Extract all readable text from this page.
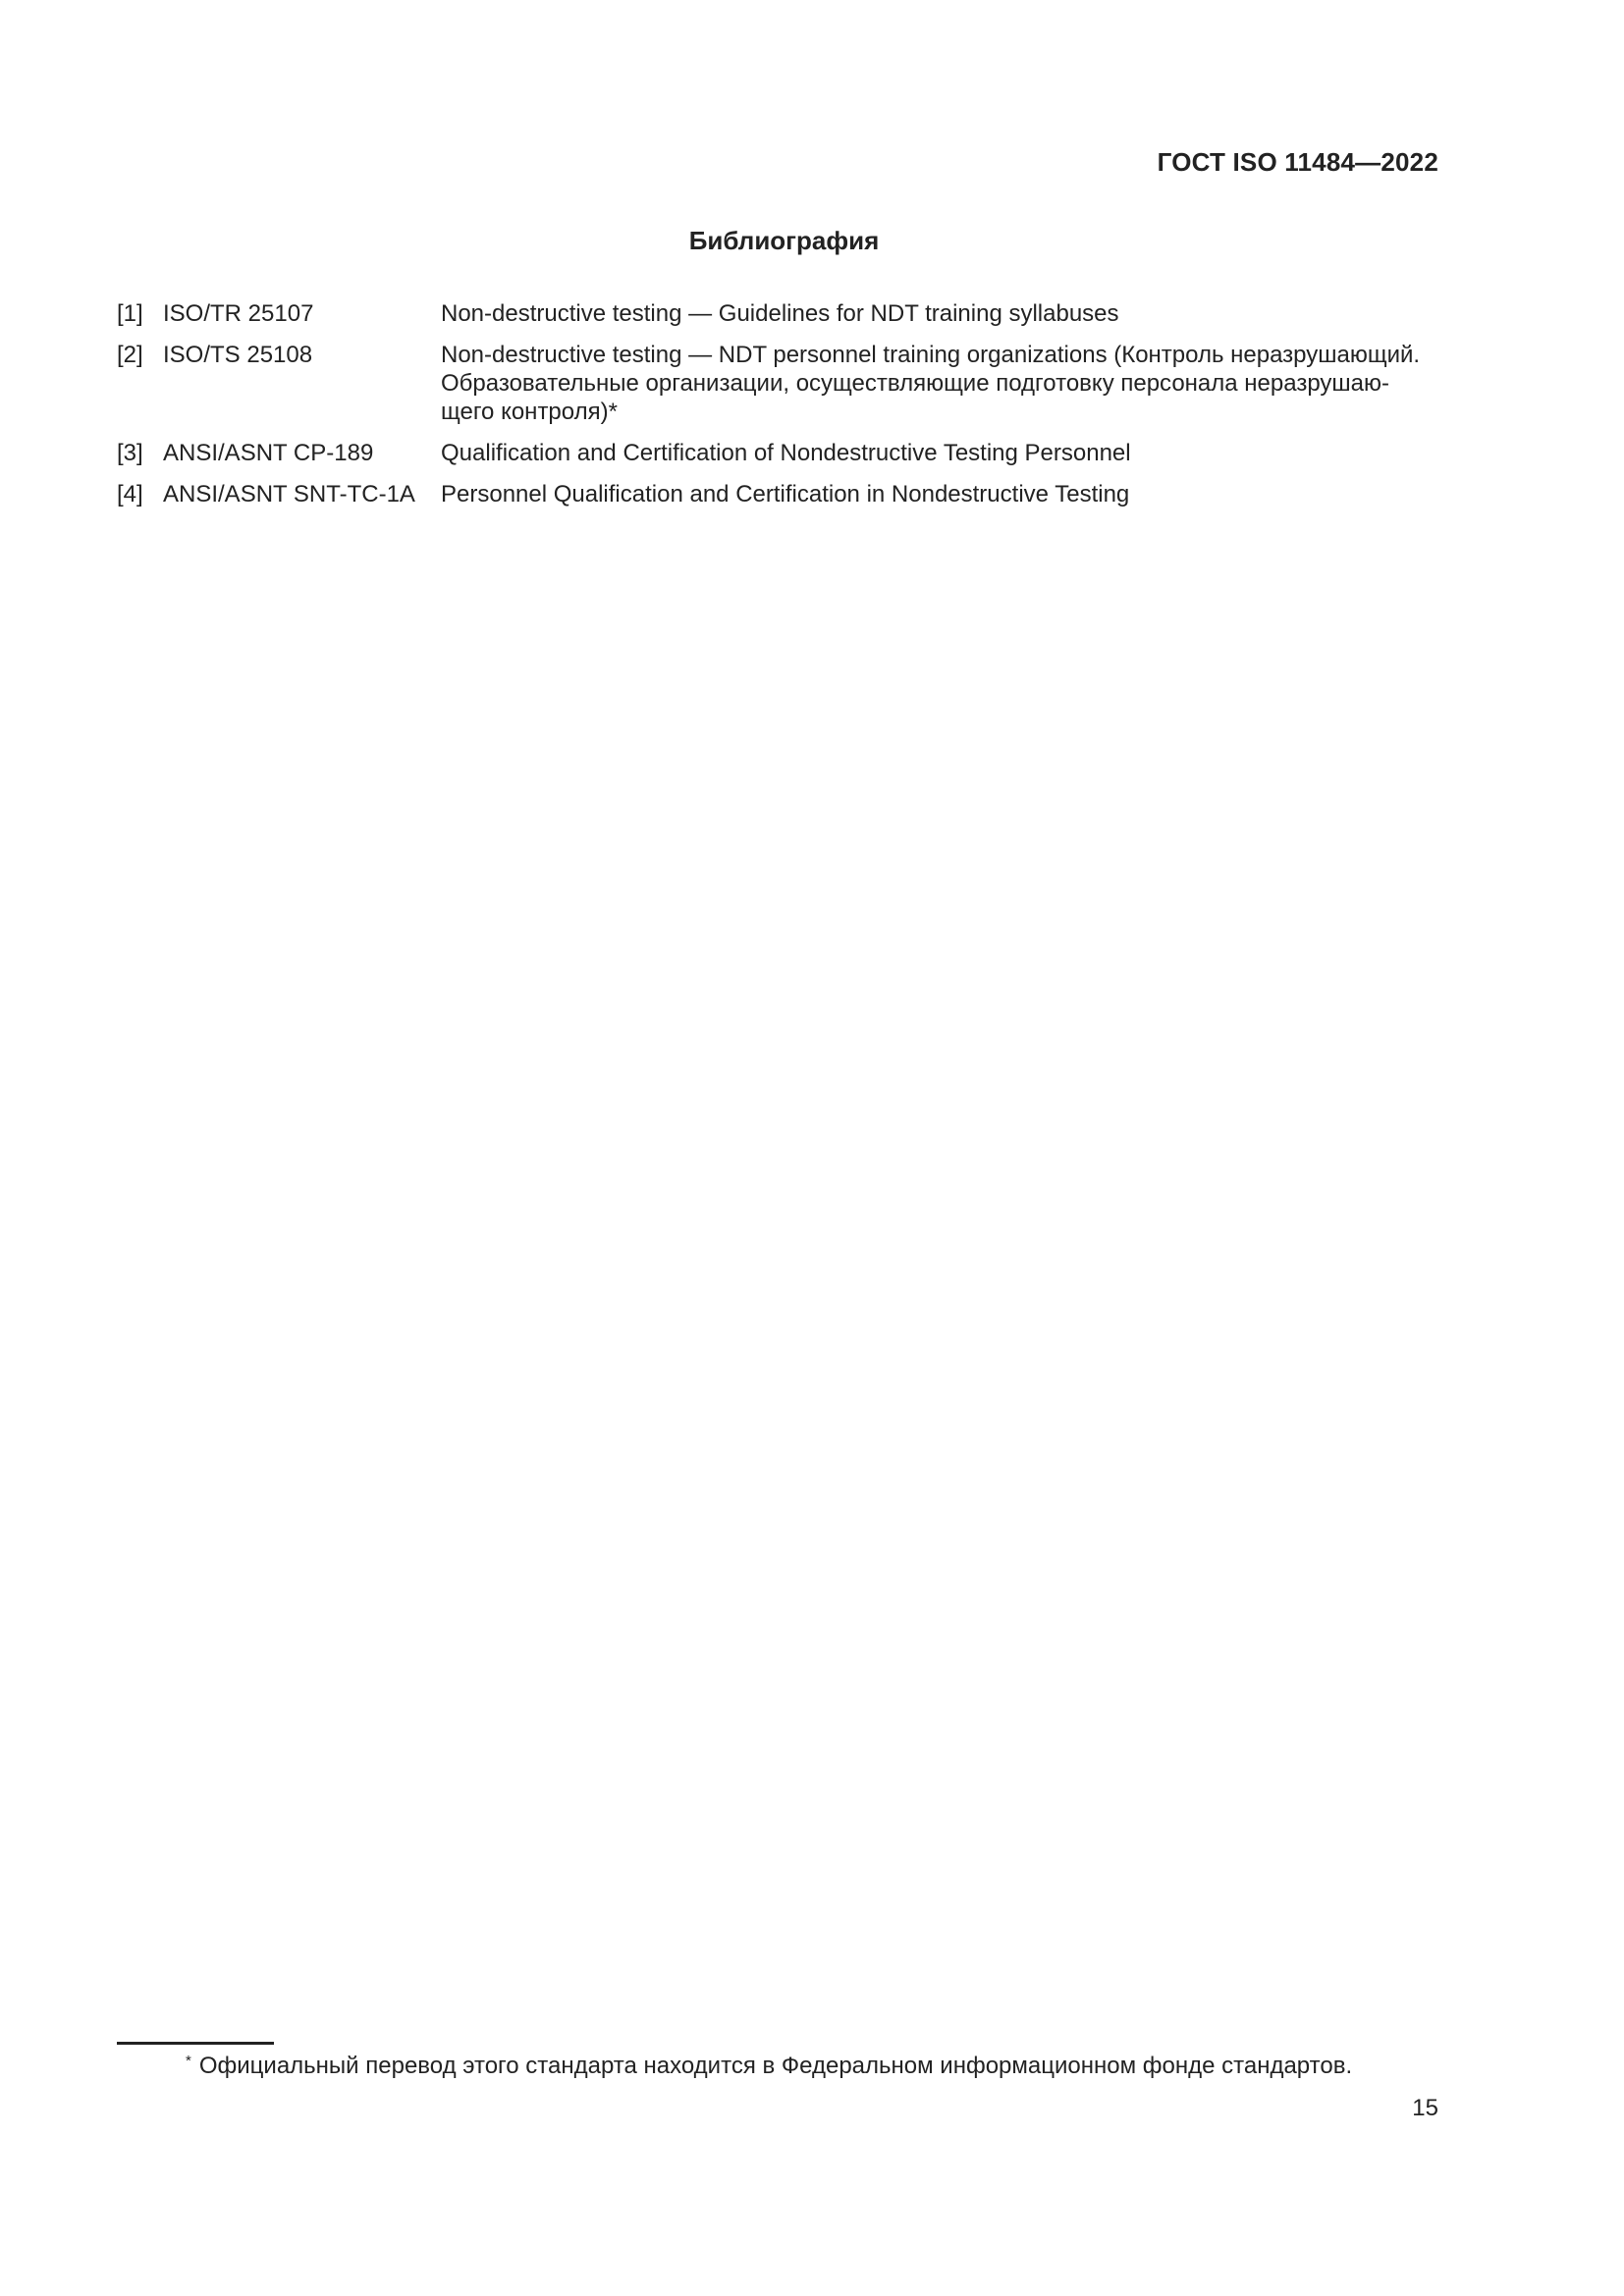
ГОСТ ISO 11484—2022
Библиография
[1] ISO/TR 25107	Non-destructive testing — Guidelines for NDT training syllabuses
[2] ISO/TS 25108	Non-destructive testing — NDT personnel training organizations (Контроль неразрушающий.
Образовательные организации, осуществляющие подготовку персонала неразрушаю-
щего контроля)*
[3] ANSI/ASNT CP-189	Qualification and Certification of Nondestructive Testing Personnel
[4] ANSI/ASNT SNT-TC-1A	Personnel Qualification and Certification in Nondestructive Testing
* Официальный перевод этого стандарта находится в Федеральном информационном фонде стандартов.
15
